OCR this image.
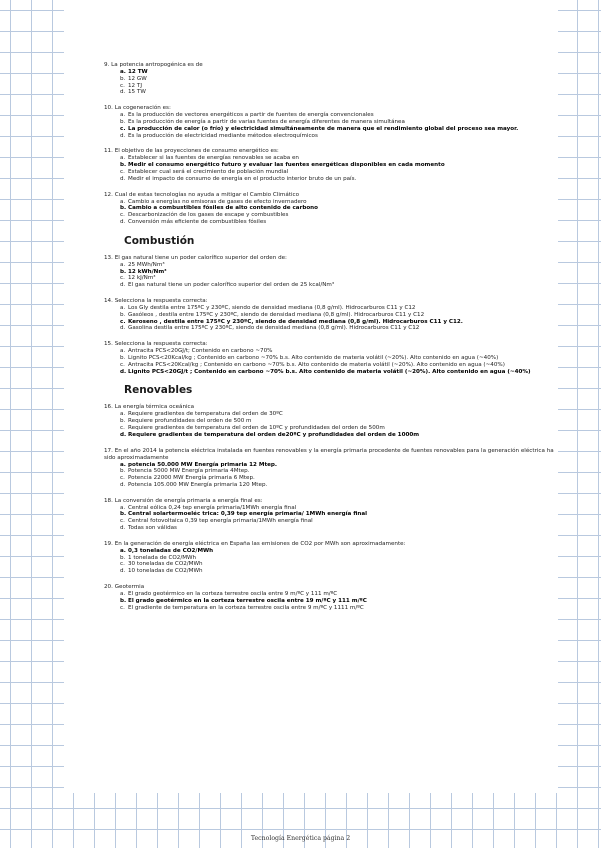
9. La potencia antropogénica es de

a. 12 TW
b. 12 GW
c. 12 TJ
d. 15 TW

10. La cogeneración es:

a. Es la producción de vectores energéticos a partir de fuentes de energía convencionales
b. Es la producción de energía a partir de varias fuentes de energía diferentes de manera simultánea
c. La producción de calor (o frío) y electricidad simultáneamente de manera que el rendimiento global del proceso sea mayor.
d. Es la producción de electricidad mediante métodos electroquímicos

11. El objetivo de las proyecciones de consumo energético es:

a. Establecer si las fuentes de energías renovables se acaba en
b. Medir el consumo energético futuro y evaluar las fuentes energéticas disponibles en cada momento
c. Establecer cual será el crecimiento de población mundial
d. Medir el impacto de consumo de energía en el producto interior bruto de un país.

12. Cual de estas tecnologías no ayuda a mitigar el Cambio Climático

a. Cambio a energías no emisoras de gases de efecto invernadero
b. Cambio a combustibles fósiles de alto contenido de carbono
c. Descarbonización de los gases de escape y combustibles
d. Conversión más eficiente de combustibles fósiles
Combustión

13. El gas natural tiene un poder calorífico superior del orden de:

a. 25 MWh/Nm³
b. 12 kWh/Nm³
c. 12 kJ/Nm³
d. El gas natural tiene un poder calorífico superior del orden de 25 kcal/Nm³

14. Selecciona la respuesta correcta:

a. Los Gly destila entre 175ºC y 230ºC, siendo de densidad mediana (0,8 g/ml). Hidrocarburos C11 y C12
b. Gasóleos , destila entre 175ºC y 230ºC, siendo de densidad mediana (0,8 g/ml). Hidrocarburos C11 y C12
c. Keroseno , destila entre 175ºC y 230ºC, siendo de densidad mediana (0,8 g/ml). Hidrocarburos C11 y C12.
d. Gasolina destila entre 175ºC y 230ºC, siendo de densidad mediana (0,8 g/ml). Hidrocarburos C11 y C12

15. Selecciona la respuesta correcta:

a. Antracita PCS<20GJ/t; Contenido en carbono ~70%
b. Lignito PCS<20Kcal/kg ; Contenido en carbono ~70% b.s. Alto contenido de materia volátil (~20%). Alto contenido en agua (~40%)
c. Antracita PCS<20Kcal/kg ; Contenido en carbono ~70% b.s. Alto contenido de materia volátil (~20%). Alto contenido en agua (~40%)
d. Lignito PCS<20GJ/t ; Contenido en carbono ~70% b.s. Alto contenido de materia volátil (~20%). Alto contenido en agua (~40%)
Renovables

16. La energía térmica oceánica

a. Requiere gradientes de temperatura del orden de 30ºC
b. Requiere profundidades del orden de 500 m
c. Requiere gradientes de temperatura del orden de 10ºC y profundidades del orden de 500m
d. Requiere gradientes de temperatura del orden de20ºC y profundidades del orden de 1000m

17. En el año 2014 la potencia eléctrica instalada en fuentes renovables y la energía primaria procedente de fuentes renovables para la generación eléctrica ha sido aproximadamente

a. potencia 50.000 MW Energía primaria 12 Mtep.
b. Potencia 5000 MW Energía primaria 4Mtep.
c. Potencia 22000 MW Energía primaria 6 Mtep.
d. Potencia 105.000 MW Energía primaria 120 Mtep.

18. La conversión de energía primaria a energía final es:

a. Central eólica 0,24 tep energía primaria/1MWh energía final
b. Central solartermoeléc trica: 0,39 tep energía primaria/ 1MWh energía final
c. Central fotovoltaica 0,39 tep energía primaria/1MWh energía final
d. Todas son válidas

19. En la generación de energía eléctrica en España las emisiones de CO2 por MWh son aproximadamente:

a. 0,3 toneladas de CO2/MWh
b. 1 tonelada de CO2/MWh
c. 30 toneladas de CO2/MWh
d. 10 toneladas de CO2/MWh

20. Geotermia

a. El grado geotérmico en la corteza terrestre oscila entre 9 m/ºC y 111 m/ºC
b. El grado geotérmico en la corteza terrestre oscila entre 19 m/ºC y 111 m/ºC
c. El gradiente de temperatura en la corteza terrestre oscila entre 9 m/ºC y 1111 m/ºC
Tecnología Energética página 2
